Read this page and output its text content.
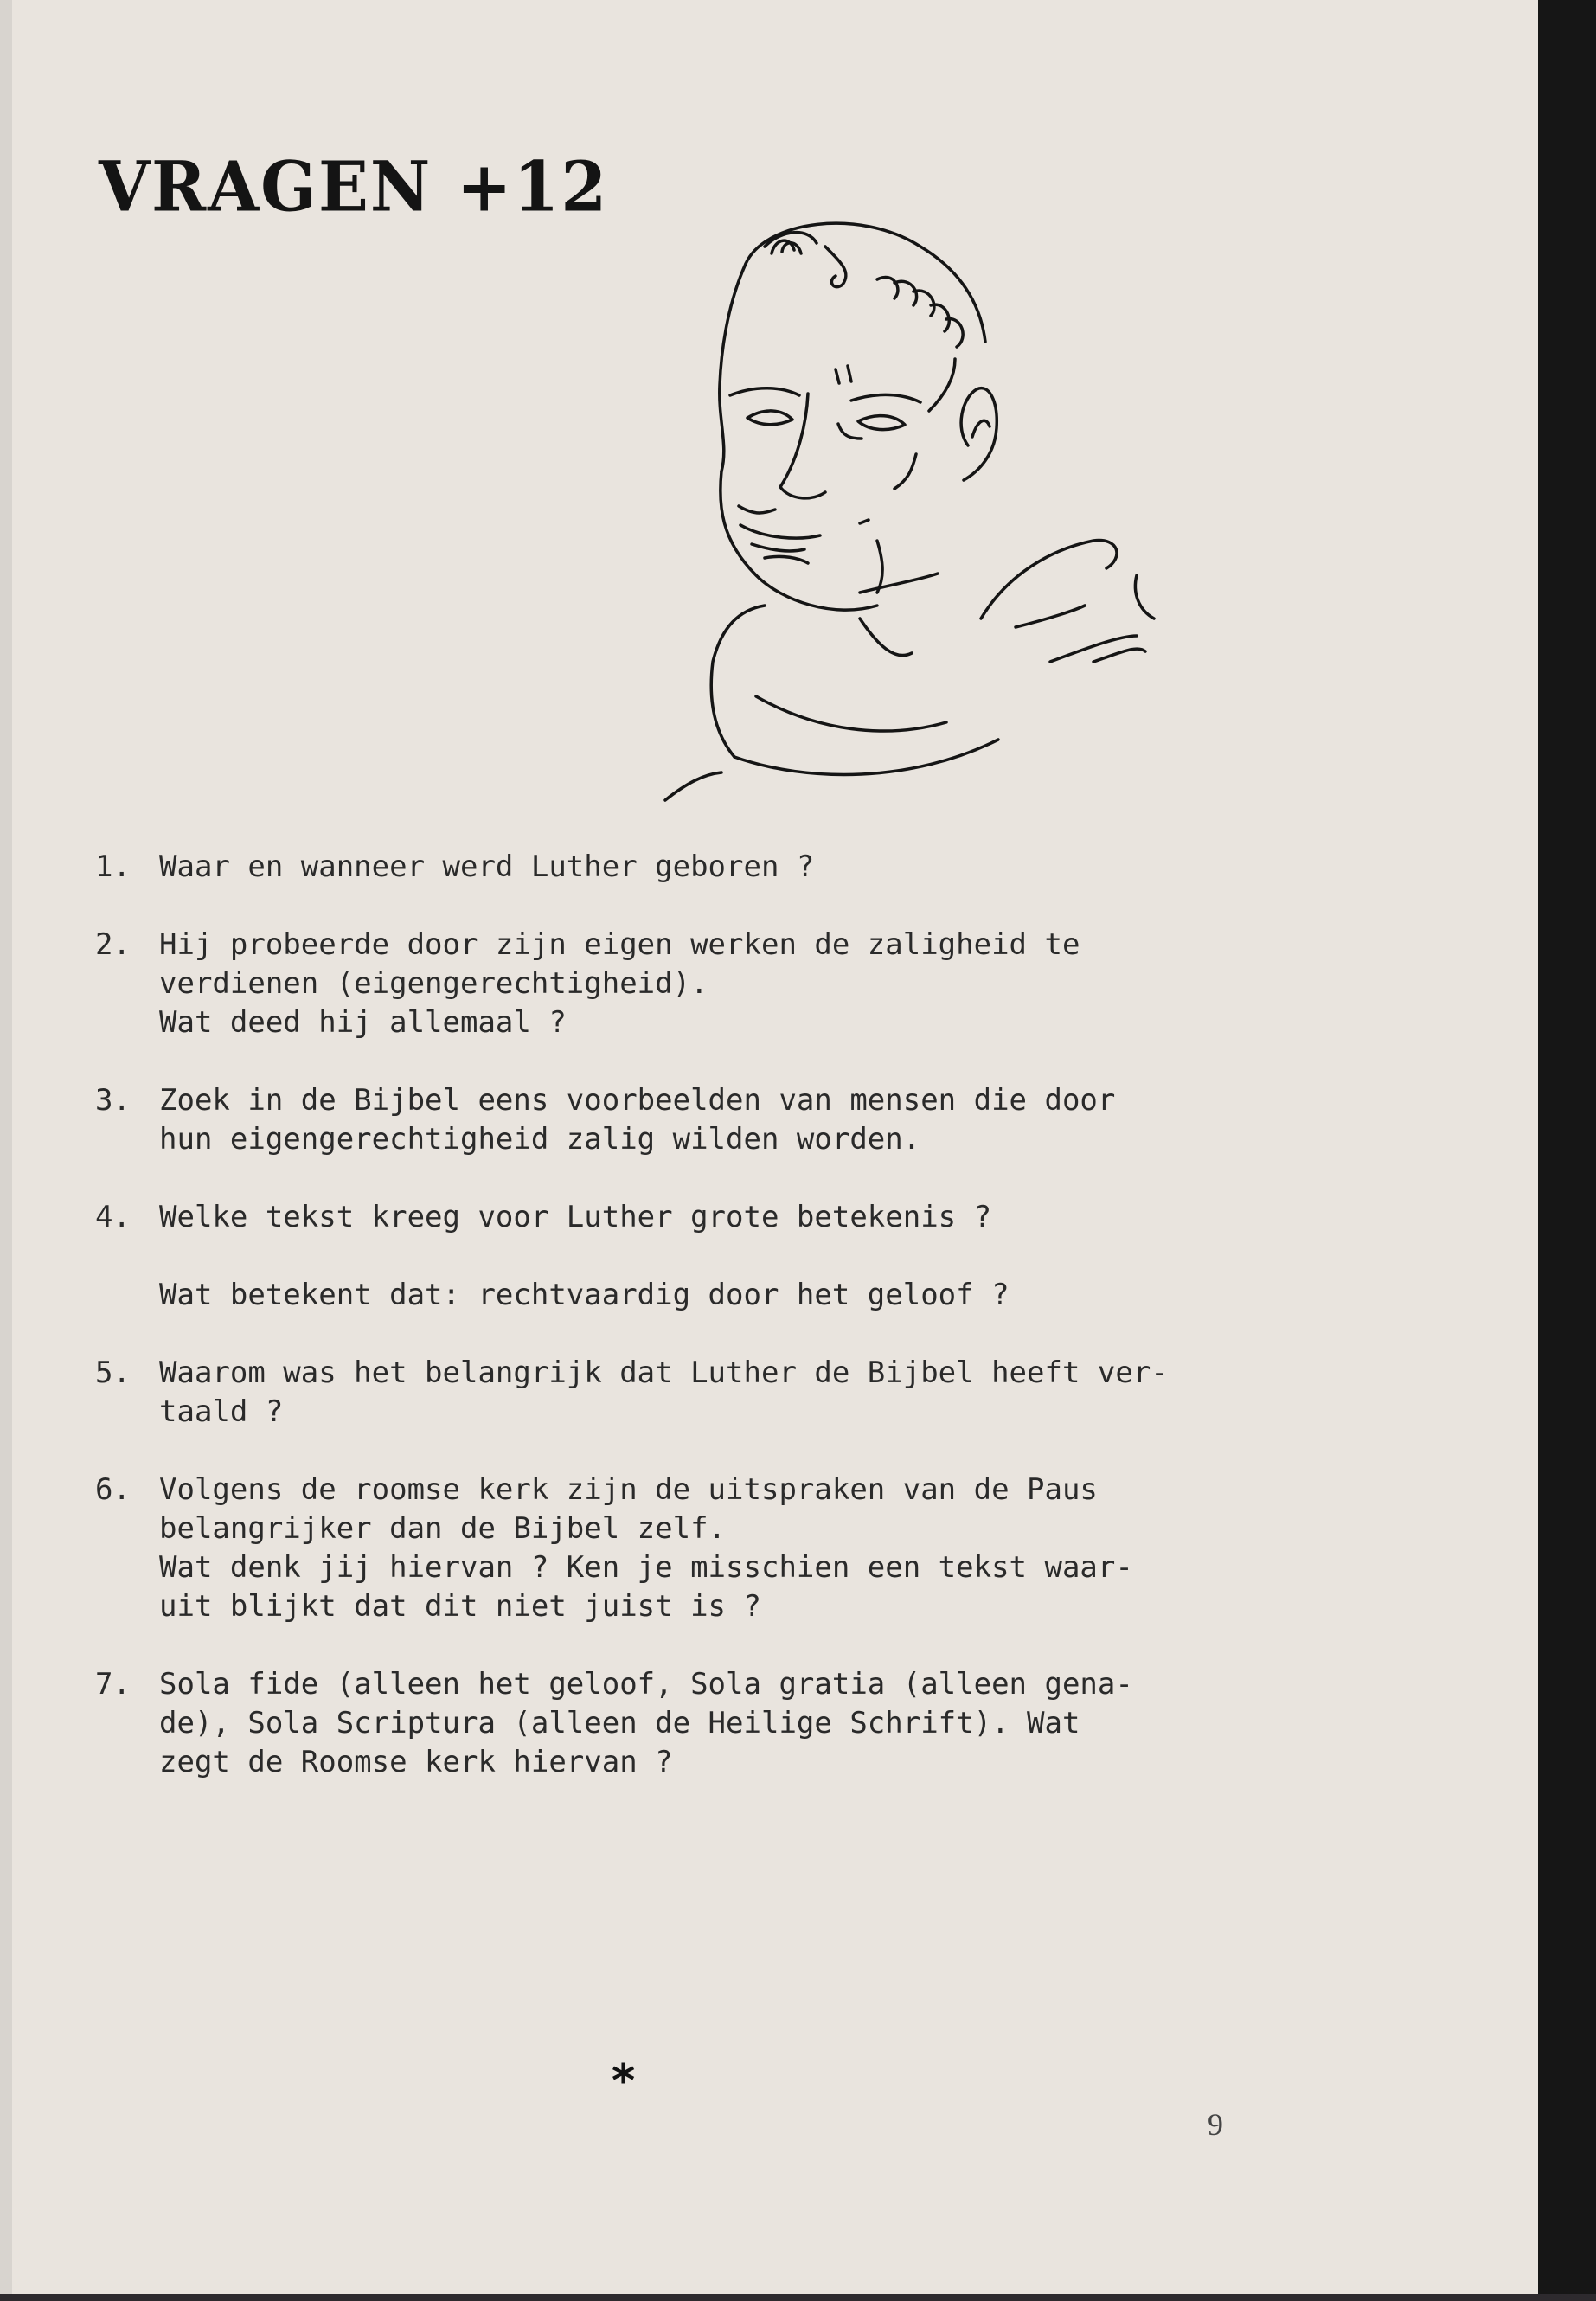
VRAGEN +12
1. Waar en wanneer werd Luther geboren ?
2. Hij probeerde door zijn eigen werken de zaligheid te
verdienen (eigengerechtigheid).
Wat deed hij allemaal ?
3. Zoek in de Bijbel eens voorbeelden van mensen die door
hun eigengerechtigheid zalig wilden worden.
4. Welke tekst kreeg voor Luther grote betekenis ?
Wat betekent dat: rechtvaardig door het geloof ?
5. Waarom was het belangrijk dat Luther de Bijbel heeft ver-
taald ?
6. Volgens de roomse kerk zijn de uitspraken van de Paus
belangrijker dan de Bijbel zelf.
Wat denk jij hiervan ? Ken je misschien een tekst waar-
uit blijkt dat dit niet juist is ?
7. Sola fide (alleen het geloof, Sola gratia (alleen gena-
de), Sola Scriptura (alleen de Heilige Schrift). Wat
zegt de Roomse kerk hiervan ?
*
9
